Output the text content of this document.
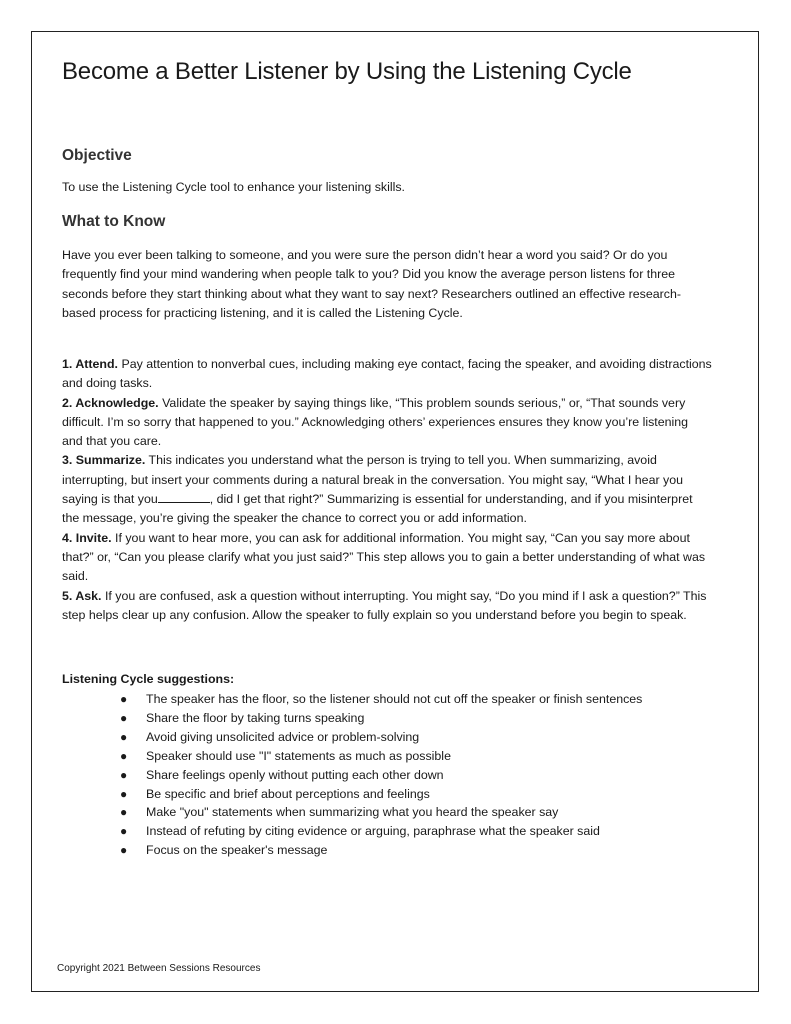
Become a Better Listener by Using the Listening Cycle
Objective

To use the Listening Cycle tool to enhance your listening skills.

What to Know

Have you ever been talking to someone, and you were sure the person didn’t hear a word you said? Or do you frequently find your mind wandering when people talk to you? Did you know the average person listens for three seconds before they start thinking about what they want to say next? Researchers outlined an effective research-based process for practicing listening, and it is called the Listening Cycle.

1. Attend. Pay attention to nonverbal cues, including making eye contact, facing the speaker, and avoiding distractions and doing tasks.
2. Acknowledge. Validate the speaker by saying things like, “This problem sounds serious,” or, “That sounds very difficult. I’m so sorry that happened to you.” Acknowledging others’ experiences ensures they know you’re listening and that you care.
3. Summarize. This indicates you understand what the person is trying to tell you. When summarizing, avoid interrupting, but insert your comments during a natural break in the conversation. You might say, “What I hear you saying is that you	, did I get that right?” Summarizing is essential for understanding, and if you misinterpret the message, you’re giving the speaker the chance to correct you or add information.
4. Invite. If you want to hear more, you can ask for additional information. You might say, “Can you say more about that?” or, “Can you please clarify what you just said?” This step allows you to gain a better understanding of what was said.
5. Ask. If you are confused, ask a question without interrupting. You might say, “Do you mind if I ask a question?” This step helps clear up any confusion. Allow the speaker to fully explain so you understand before you begin to speak.
Listening Cycle suggestions:
● The speaker has the floor, so the listener should not cut off the speaker or finish sentences
● Share the floor by taking turns speaking
● Avoid giving unsolicited advice or problem-solving
● Speaker should use "I" statements as much as possible
● Share feelings openly without putting each other down
● Be specific and brief about perceptions and feelings
● Make "you" statements when summarizing what you heard the speaker say
● Instead of refuting by citing evidence or arguing, paraphrase what the speaker said
● Focus on the speaker's message
Copyright 2021 Between Sessions Resources
